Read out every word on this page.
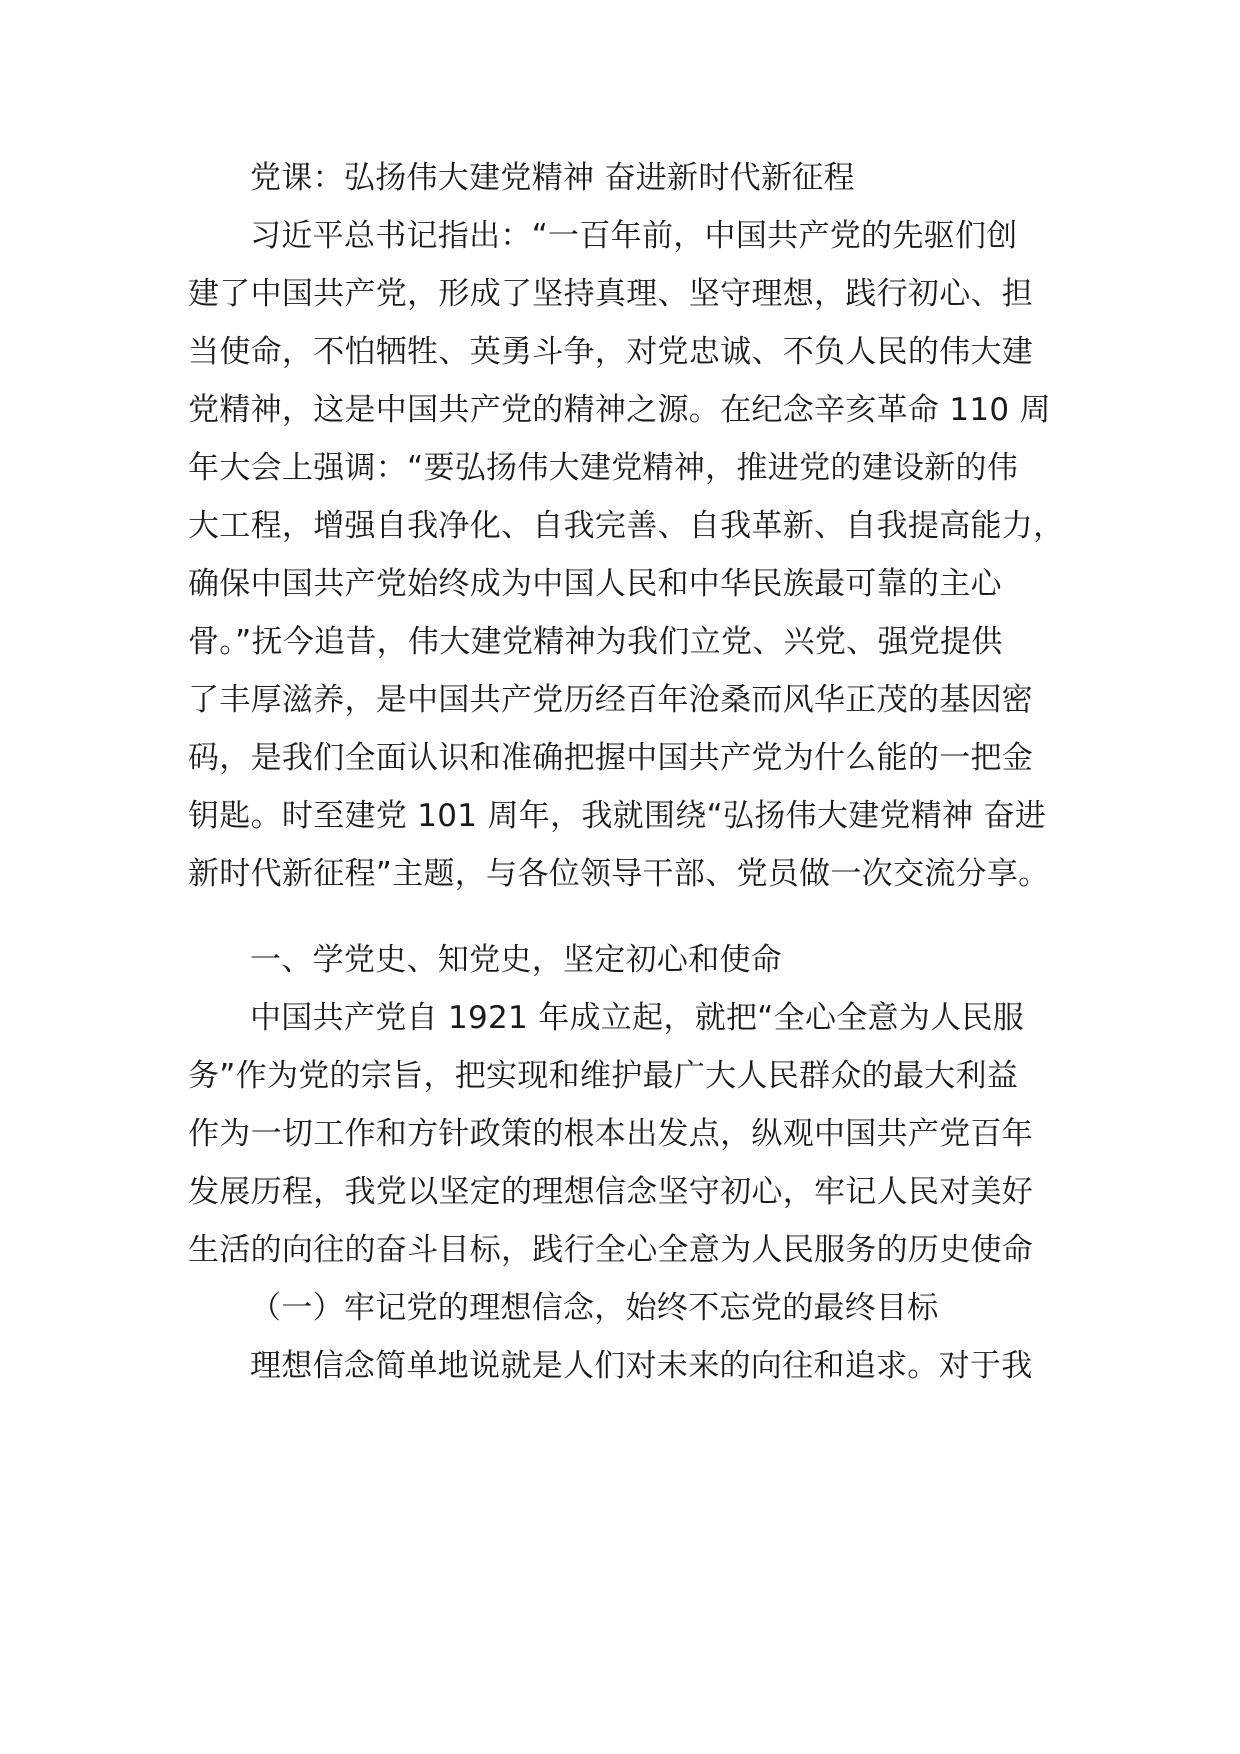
党课：弘扬伟大建党精神 奋进新时代新征程
习近平总书记指出：“一百年前，中国共产党的先驱们创
建了中国共产党，形成了坚持真理、坚守理想，践行初心、担
当使命，不怕牺牲、英勇斗争，对党忠诚、不负人民的伟大建
党精神，这是中国共产党的精神之源。在纪念辛亥革命 110 周
年大会上强调：“要弘扬伟大建党精神，推进党的建设新的伟
大工程，增强自我净化、自我完善、自我革新、自我提高能力，
确保中国共产党始终成为中国人民和中华民族最可靠的主心
骨。”抚今追昔，伟大建党精神为我们立党、兴党、强党提供
了丰厚滋养，是中国共产党历经百年沧桑而风华正茂的基因密
码，是我们全面认识和准确把握中国共产党为什么能的一把金
钥匙。时至建党 101 周年，我就围绕“弘扬伟大建党精神 奋进
新时代新征程”主题，与各位领导干部、党员做一次交流分享。
一、学党史、知党史，坚定初心和使命
中国共产党自 1921 年成立起，就把“全心全意为人民服
务”作为党的宗旨，把实现和维护最广大人民群众的最大利益
作为一切工作和方针政策的根本出发点，纵观中国共产党百年
发展历程，我党以坚定的理想信念坚守初心，牢记人民对美好
生活的向往的奋斗目标，践行全心全意为人民服务的历史使命
（一）牢记党的理想信念，始终不忘党的最终目标
理想信念简单地说就是人们对未来的向往和追求。对于我
